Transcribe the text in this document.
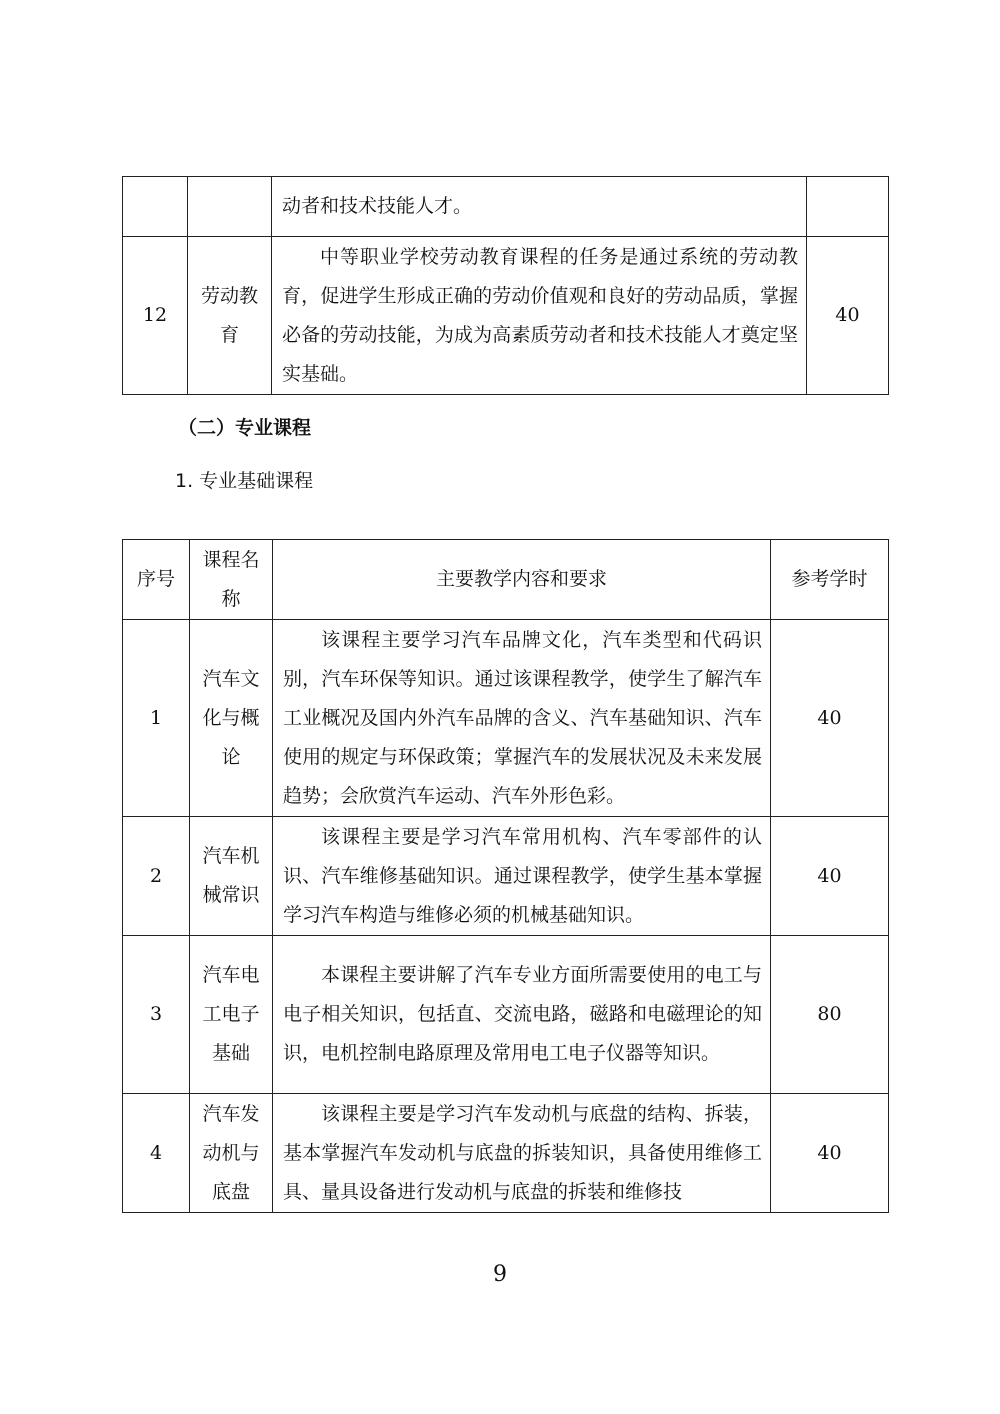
		动者和技术技能人才。	

12	劳动教育	中等职业学校劳动教育课程的任务是通过系统的劳动教育，促进学生形成正确的劳动价值观和良好的劳动品质，掌握必备的劳动技能，为成为高素质劳动者和技术技能人才奠定坚实基础。	40
（二）专业课程
1. 专业基础课程
序号	课程名称	主要教学内容和要求	参考学时
1	汽车文化与概论	该课程主要学习汽车品牌文化，汽车类型和代码识别，汽车环保等知识。通过该课程教学，使学生了解汽车工业概况及国内外汽车品牌的含义、汽车基础知识、汽车使用的规定与环保政策；掌握汽车的发展状况及未来发展趋势；会欣赏汽车运动、汽车外形色彩。	40
2	汽车机械常识	该课程主要是学习汽车常用机构、汽车零部件的认识、汽车维修基础知识。通过课程教学，使学生基本掌握学习汽车构造与维修必须的机械基础知识。	40
3	汽车电工电子基础	本课程主要讲解了汽车专业方面所需要使用的电工与电子相关知识，包括直、交流电路，磁路和电磁理论的知识，电机控制电路原理及常用电工电子仪器等知识。	80
4	汽车发动机与底盘	该课程主要是学习汽车发动机与底盘的结构、拆装，基本掌握汽车发动机与底盘的拆装知识，具备使用维修工具、量具设备进行发动机与底盘的拆装和维修技	40
9
